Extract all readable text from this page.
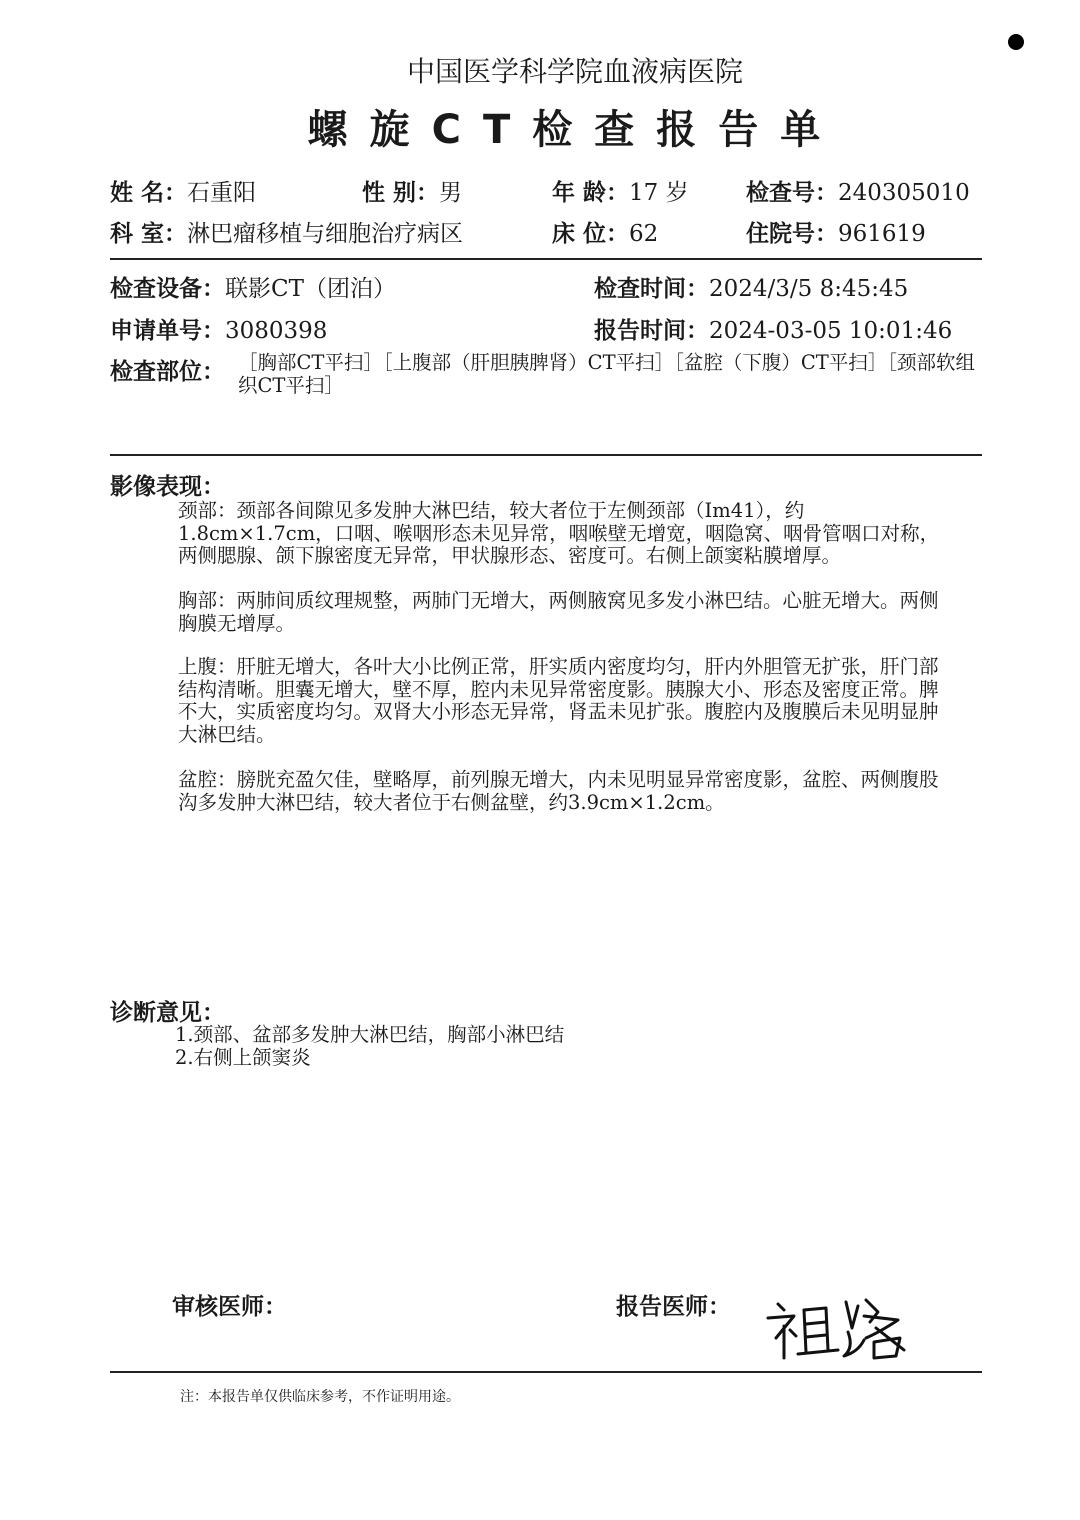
中国医学科学院血液病医院
螺旋CT检查报告单
姓 名：石重阳	性 别：男	年 龄：17 岁 检查号：240305010
科 室：淋巴瘤移植与细胞治疗病区	床 位：62	住院号：961619
检查设备：联影CT（团泊）	检查时间：2024/3/5 8:45:45
申请单号：3080398	报告时间：2024-03-05 10:01:46
检查部位： ［胸部CT平扫］［上腹部（肝胆胰脾肾）CT平扫］［盆腔（下腹）CT平扫］［颈部软组织CT平扫］
影像表现：
颈部：颈部各间隙见多发肿大淋巴结，较大者位于左侧颈部（Im41），约1.8cm×1.7cm，口咽、喉咽形态未见异常，咽喉壁无增宽，咽隐窝、咽骨管咽口对称，两侧腮腺、颌下腺密度无异常，甲状腺形态、密度可。右侧上颌窦粘膜增厚。
胸部：两肺间质纹理规整，两肺门无增大，两侧腋窝见多发小淋巴结。心脏无增大。两侧胸膜无增厚。
上腹：肝脏无增大，各叶大小比例正常，肝实质内密度均匀，肝内外胆管无扩张，肝门部结构清晰。胆囊无增大，壁不厚，腔内未见异常密度影。胰腺大小、形态及密度正常。脾不大，实质密度均匀。双肾大小形态无异常，肾盂未见扩张。腹腔内及腹膜后未见明显肿大淋巴结。
盆腔：膀胱充盈欠佳，壁略厚，前列腺无增大，内未见明显异常密度影，盆腔、两侧腹股沟多发肿大淋巴结，较大者位于右侧盆壁，约3.9cm×1.2cm。
诊断意见：
1.颈部、盆部多发肿大淋巴结，胸部小淋巴结
2.右侧上颌窦炎
审核医师：	报告医师：
注：本报告单仅供临床参考，不作证明用途。
